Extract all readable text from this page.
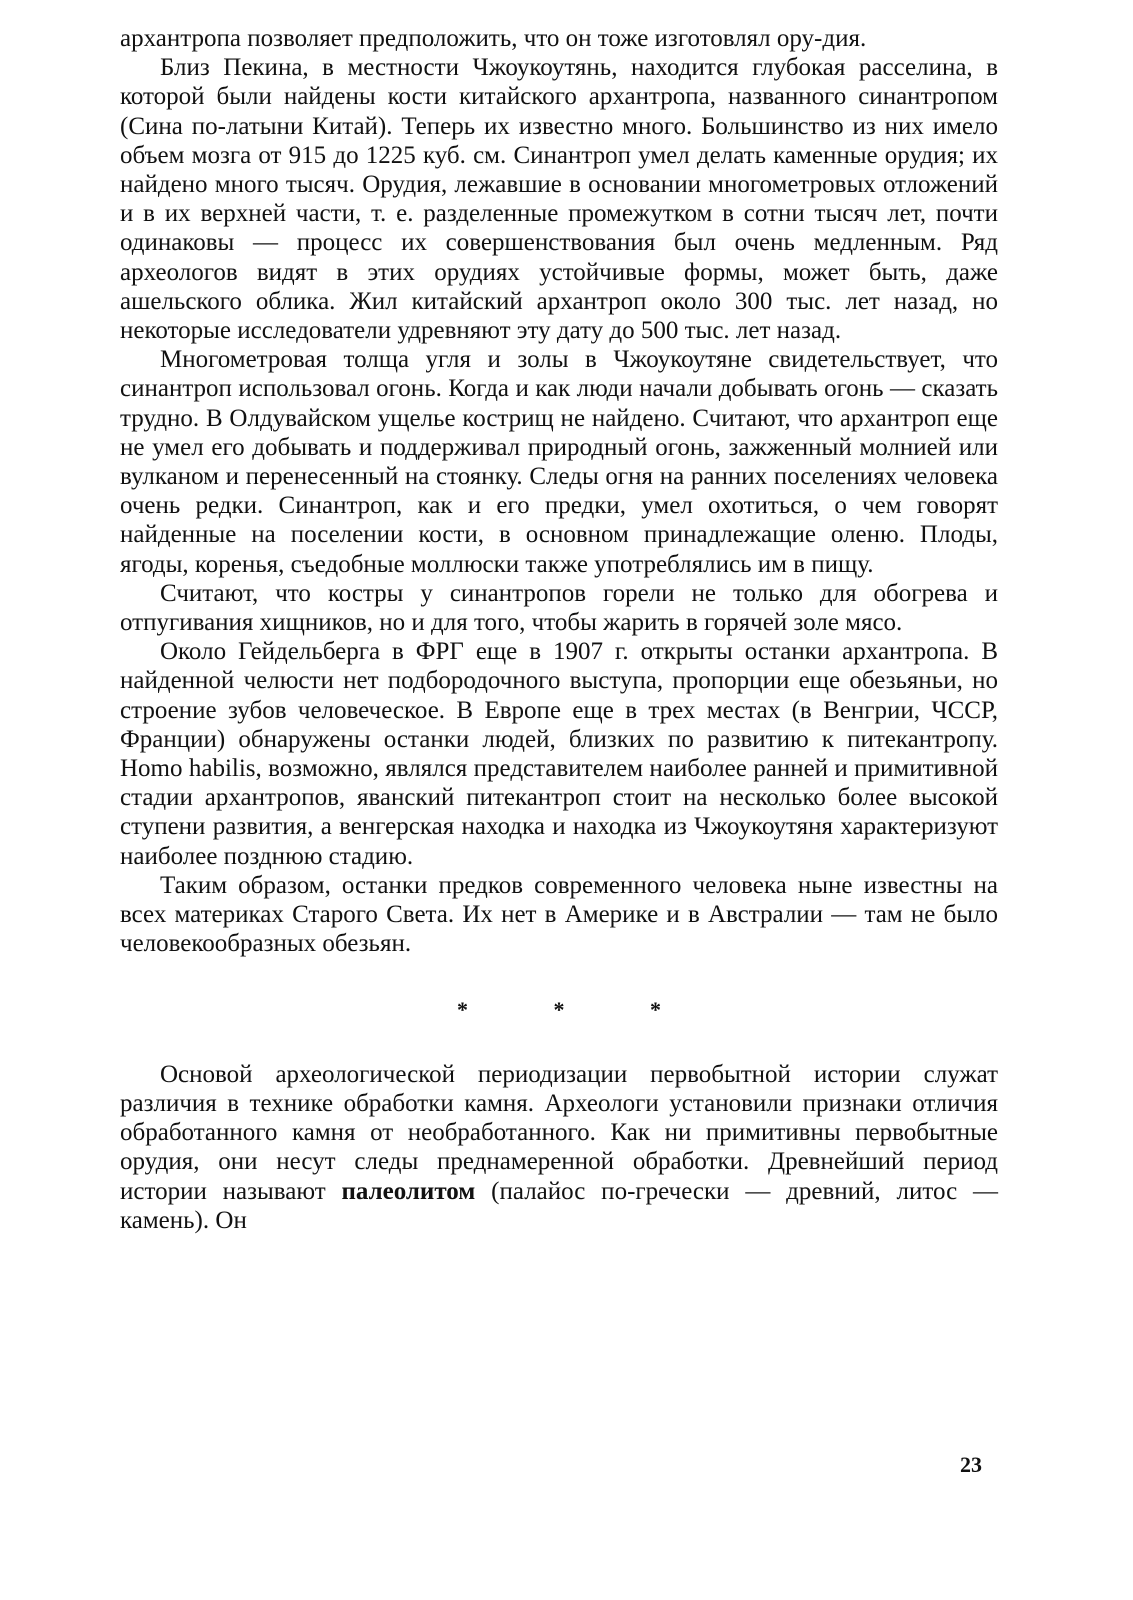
архантропа позволяет предположить, что он тоже изготовлял ору-дия.

Близ Пекина, в местности Чжоукоутянь, находится глубокая расселина, в которой были найдены кости китайского архантропа, названного синантропом (Сина по-латыни Китай). Теперь их известно много. Большинство из них имело объем мозга от 915 до 1225 куб. см. Синантроп умел делать каменные орудия; их найдено много тысяч. Орудия, лежавшие в основании многометровых отложений и в их верхней части, т. е. разделенные промежутком в сотни тысяч лет, почти одинаковы — процесс их совершенствования был очень медленным. Ряд археологов видят в этих орудиях устойчивые формы, может быть, даже ашельского облика. Жил китайский архантроп около 300 тыс. лет назад, но некоторые исследователи удревняют эту дату до 500 тыс. лет назад.

Многометровая толща угля и золы в Чжоукоутяне свидетельствует, что синантроп использовал огонь. Когда и как люди начали добывать огонь — сказать трудно. В Олдувайском ущелье кострищ не найдено. Считают, что архантроп еще не умел его добывать и поддерживал природный огонь, зажженный молнией или вулканом и перенесенный на стоянку. Следы огня на ранних поселениях человека очень редки. Синантроп, как и его предки, умел охотиться, о чем говорят найденные на поселении кости, в основном принадлежащие оленю. Плоды, ягоды, коренья, съедобные моллюски также употреблялись им в пищу.

Считают, что костры у синантропов горели не только для обогрева и отпугивания хищников, но и для того, чтобы жарить в горячей золе мясо.

Около Гейдельберга в ФРГ еще в 1907 г. открыты останки архантропа. В найденной челюсти нет подбородочного выступа, пропорции еще обезьяньи, но строение зубов человеческое. В Европе еще в трех местах (в Венгрии, ЧССР, Франции) обнаружены останки людей, близких по развитию к питекантропу. Homo habilis, возможно, являлся представителем наиболее ранней и примитивной стадии архантропов, яванский питекантроп стоит на несколько более высокой ступени развития, а венгерская находка и находка из Чжоукоутяня характеризуют наиболее позднюю стадию.

Таким образом, останки предков современного человека ныне известны на всех материках Старого Света. Их нет в Америке и в Австралии — там не было человекообразных обезьян.

* * *

Основой археологической периодизации первобытной истории служат различия в технике обработки камня. Археологи установили признаки отличия обработанного камня от необработанного. Как ни примитивны первобытные орудия, они несут следы преднамеренной обработки. Древнейший период истории называют палеолитом (палайос по-гречески — древний, литос — камень). Он

23
